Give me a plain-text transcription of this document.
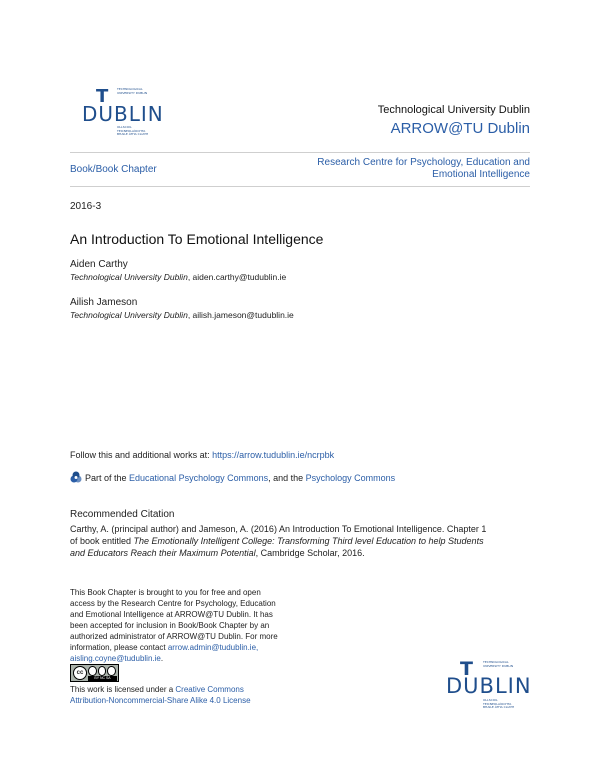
TECHNOLOGICAL
UNIVERSITY DUBLIN
T
DUBLIN
OLLSCOIL
TEICNEOLAÍOCHTA
BHAILE ÁTHA CLIATH
Technological University Dublin
ARROW@TU Dublin
Book/Book Chapter
Research Centre for Psychology, Education and Emotional Intelligence
2016-3
An Introduction To Emotional Intelligence
Aiden Carthy
Technological University Dublin, aiden.carthy@tudublin.ie
Ailish Jameson
Technological University Dublin, ailish.jameson@tudublin.ie
Follow this and additional works at: https://arrow.tudublin.ie/ncrpbk
Part of the Educational Psychology Commons, and the Psychology Commons
Recommended Citation
Carthy, A. (principal author) and Jameson, A. (2016) An Introduction To Emotional Intelligence. Chapter 1
of book entitled The Emotionally Intelligent College: Transforming Third level Education to help Students
and Educators Reach their Maximum Potential, Cambridge Scholar, 2016.
This Book Chapter is brought to you for free and open
access by the Research Centre for Psychology, Education
and Emotional Intelligence at ARROW@TU Dublin. It has
been accepted for inclusion in Book/Book Chapter by an
authorized administrator of ARROW@TU Dublin. For more
information, please contact arrow.admin@tudublin.ie,
aisling.coyne@tudublin.ie.
cc
BY NC SA
This work is licensed under a Creative Commons
Attribution-Noncommercial-Share Alike 4.0 License
TECHNOLOGICAL
UNIVERSITY DUBLIN
T
DUBLIN
OLLSCOIL
TEICNEOLAÍOCHTA
BHAILE ÁTHA CLIATH
